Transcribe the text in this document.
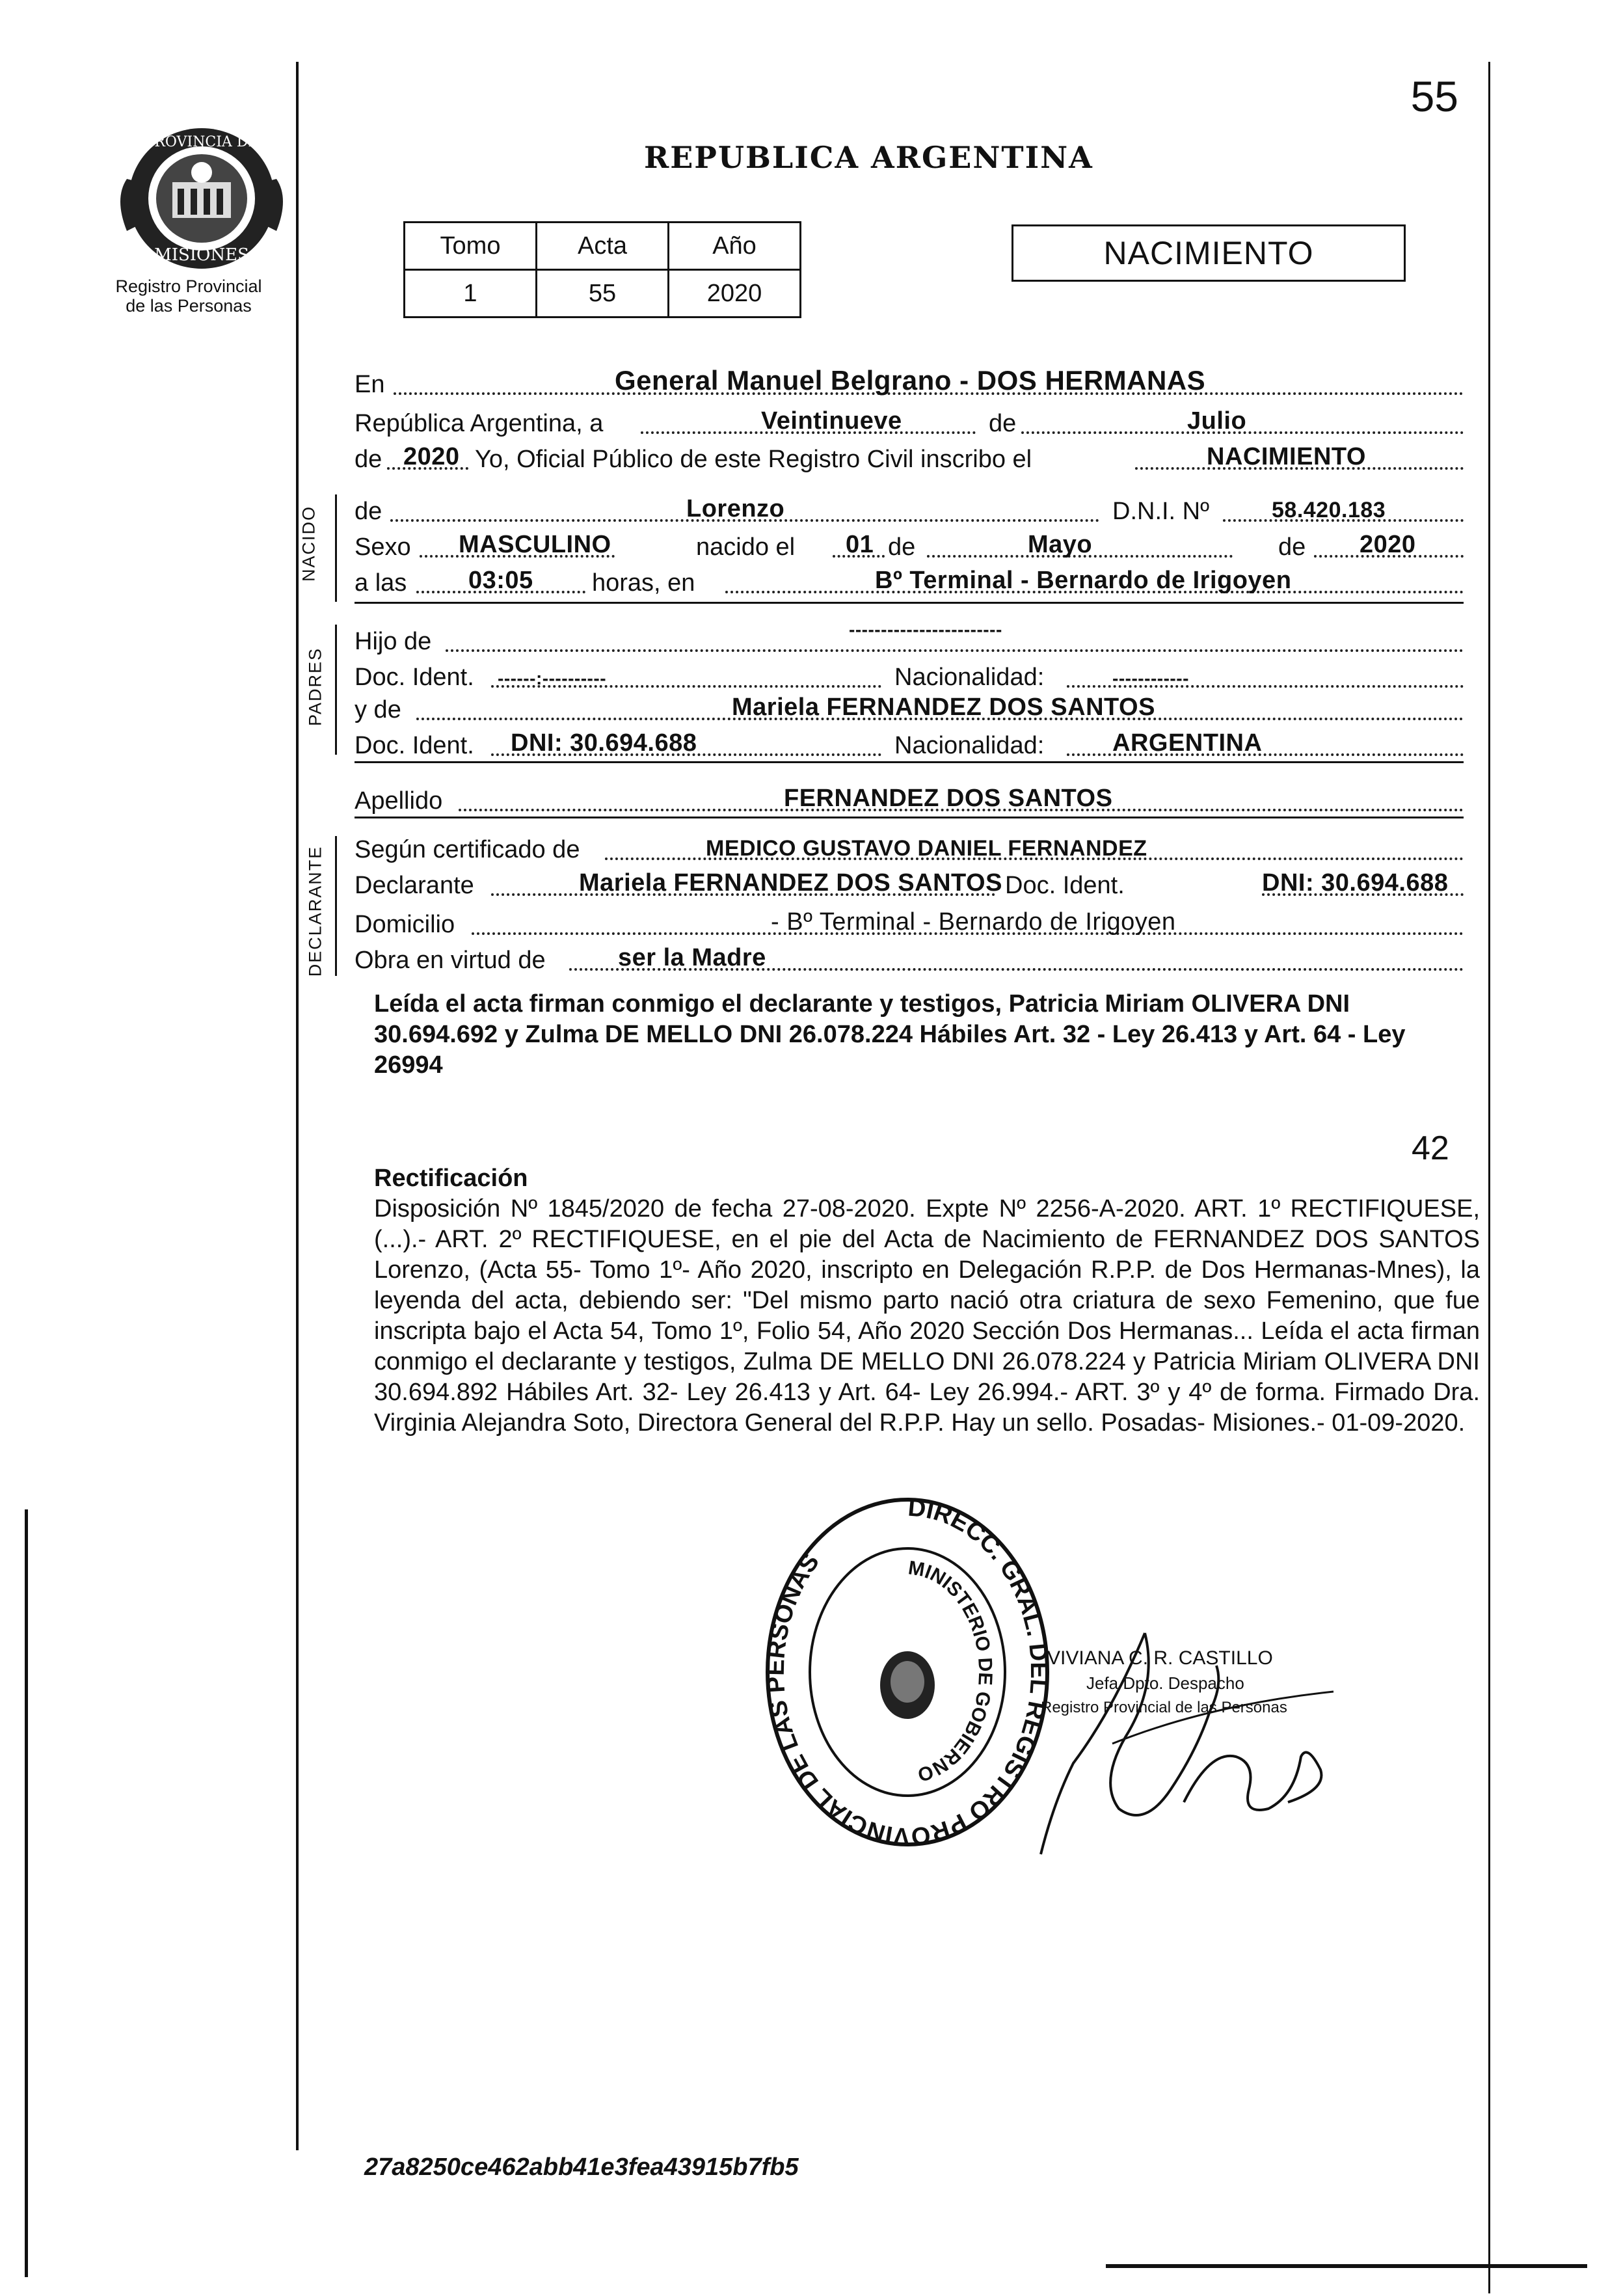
PROVINCIA DE
MISIONES
Registro Provincial
de las Personas
55
REPUBLICA ARGENTINA
Tomo	Acta	Año
1	55	2020
NACIMIENTO
En	General Manuel Belgrano - DOS HERMANAS
República Argentina, a	Veintinueve	de	Julio
de 2020 Yo, Oficial Público de este Registro Civil inscribo el	NACIMIENTO
NACIDO de	Lorenzo	D.N.I. Nº	58.420.183
Sexo MASCULINO	nacido el 01 de	Mayo	de 2020
a las 03:05 horas, en	Bº Terminal - Bernardo de Irigoyen
PADRES
Hijo de	------------------------
Doc. Ident. ------:----------	Nacionalidad:	------------
y de	Mariela FERNANDEZ DOS SANTOS
Doc. Ident. DNI: 30.694.688	Nacionalidad:	ARGENTINA
Apellido	FERNANDEZ DOS SANTOS
DECLARANTE Según certificado de	MEDICO GUSTAVO DANIEL FERNANDEZ
Declarante	Mariela FERNANDEZ DOS SANTOS Doc. Ident.	DNI: 30.694.688
Domicilio	- Bº Terminal - Bernardo de Irigoyen
Obra en virtud de	ser la Madre
Leída el acta firman conmigo el declarante y testigos, Patricia Miriam OLIVERA DNI 30.694.692 y Zulma DE MELLO DNI 26.078.224 Hábiles Art. 32 - Ley 26.413 y Art. 64 - Ley 26994
42
Rectificación
Disposición Nº 1845/2020 de fecha 27-08-2020. Expte Nº 2256-A-2020. ART. 1º RECTIFIQUESE, (...).- ART. 2º RECTIFIQUESE, en el pie del Acta de Nacimiento de FERNANDEZ DOS SANTOS Lorenzo, (Acta 55- Tomo 1º- Año 2020, inscripto en Delegación R.P.P. de Dos Hermanas-Mnes), la leyenda del acta, debiendo ser: "Del mismo parto nació otra criatura de sexo Femenino, que fue inscripta bajo el Acta 54, Tomo 1º, Folio 54, Año 2020 Sección Dos Hermanas... Leída el acta firman conmigo el declarante y testigos, Zulma DE MELLO DNI 26.078.224 y Patricia Miriam OLIVERA DNI 30.694.892 Hábiles Art. 32- Ley 26.413 y Art. 64- Ley 26.994.- ART. 3º y 4º de forma. Firmado Dra. Virginia Alejandra Soto, Directora General del R.P.P. Hay un sello. Posadas- Misiones.- 01-09-2020.
DIRECC. GRAL. DEL REGISTRO PROVINCIAL DE LAS PERSONAS	MINISTERIO DE GOBIERNO
VIVIANA C. R. CASTILLO
Jefa Dpto. Despacho
Registro Provincial de las Personas
27a8250ce462abb41e3fea43915b7fb5
